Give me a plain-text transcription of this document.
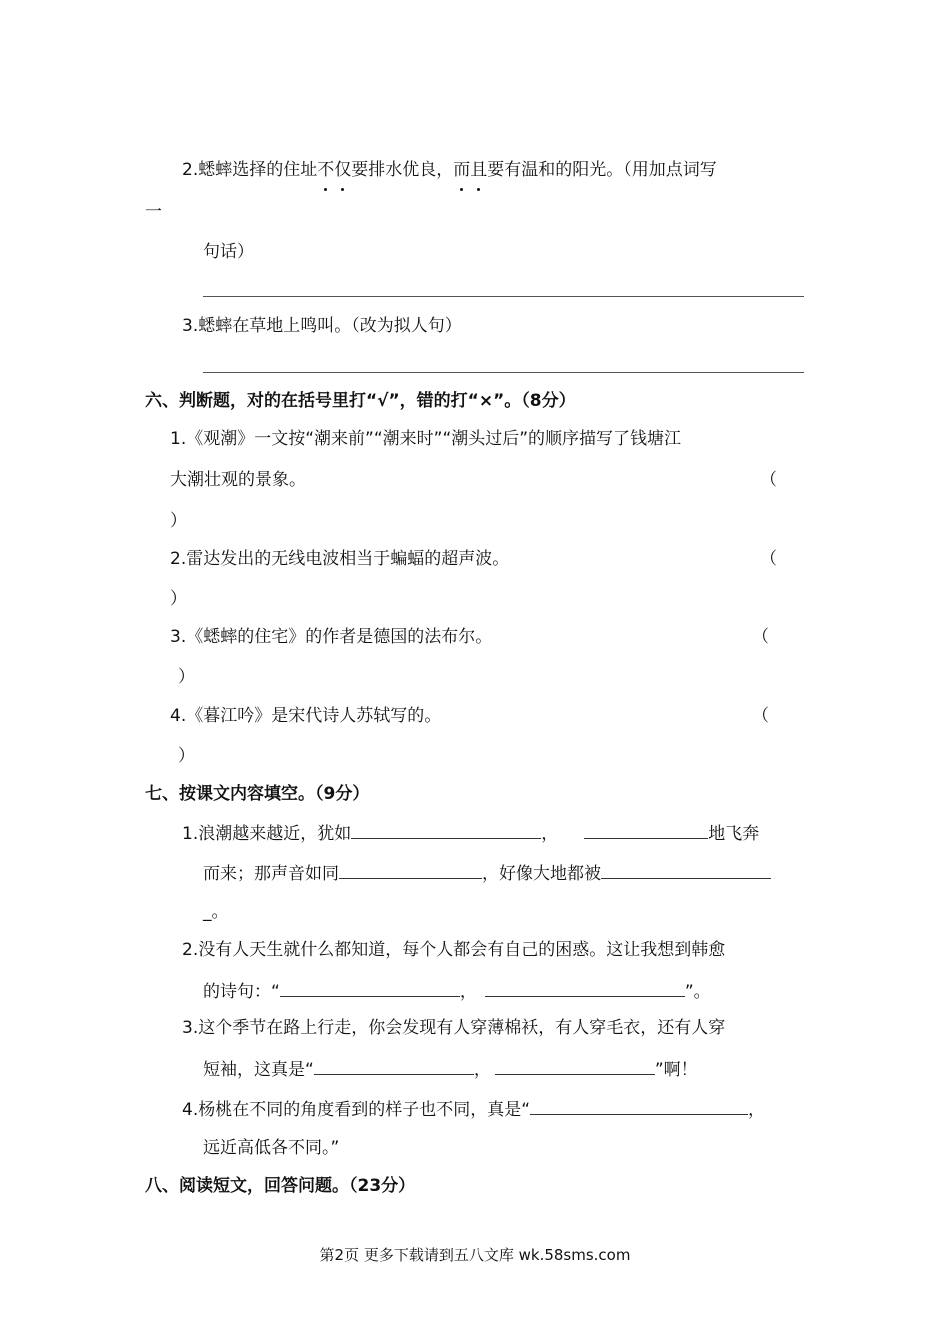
2.蟋蟀选择的住址不仅要排水优良，而且要有温和的阳光。（用加点词写
一
句话）
3.蟋蟀在草地上鸣叫。（改为拟人句）
六、判断题，对的在括号里打“√”，错的打“×”。（8分）
1.《观潮》一文按“潮来前”“潮来时”“潮头过后”的顺序描写了钱塘江
大潮壮观的景象。	（
）
2.雷达发出的无线电波相当于蝙蝠的超声波。	（
）
3.《蟋蟀的住宅》的作者是德国的法布尔。	（
）
4.《暮江吟》是宋代诗人苏轼写的。	（
）
七、按课文内容填空。（9分）
1.浪潮越来越近，犹如	，	地飞奔
而来；那声音如同	，好像大地都被
_。
2.没有人天生就什么都知道，每个人都会有自己的困惑。这让我想到韩愈
的诗句：“	，	”。
3.这个季节在路上行走，你会发现有人穿薄棉袄，有人穿毛衣，还有人穿
短袖，这真是“	，	”啊！
4.杨桃在不同的角度看到的样子也不同，真是“	，
远近高低各不同。”
八、阅读短文，回答问题。（23分）
第2页 更多下载请到五八文库 wk.58sms.com
